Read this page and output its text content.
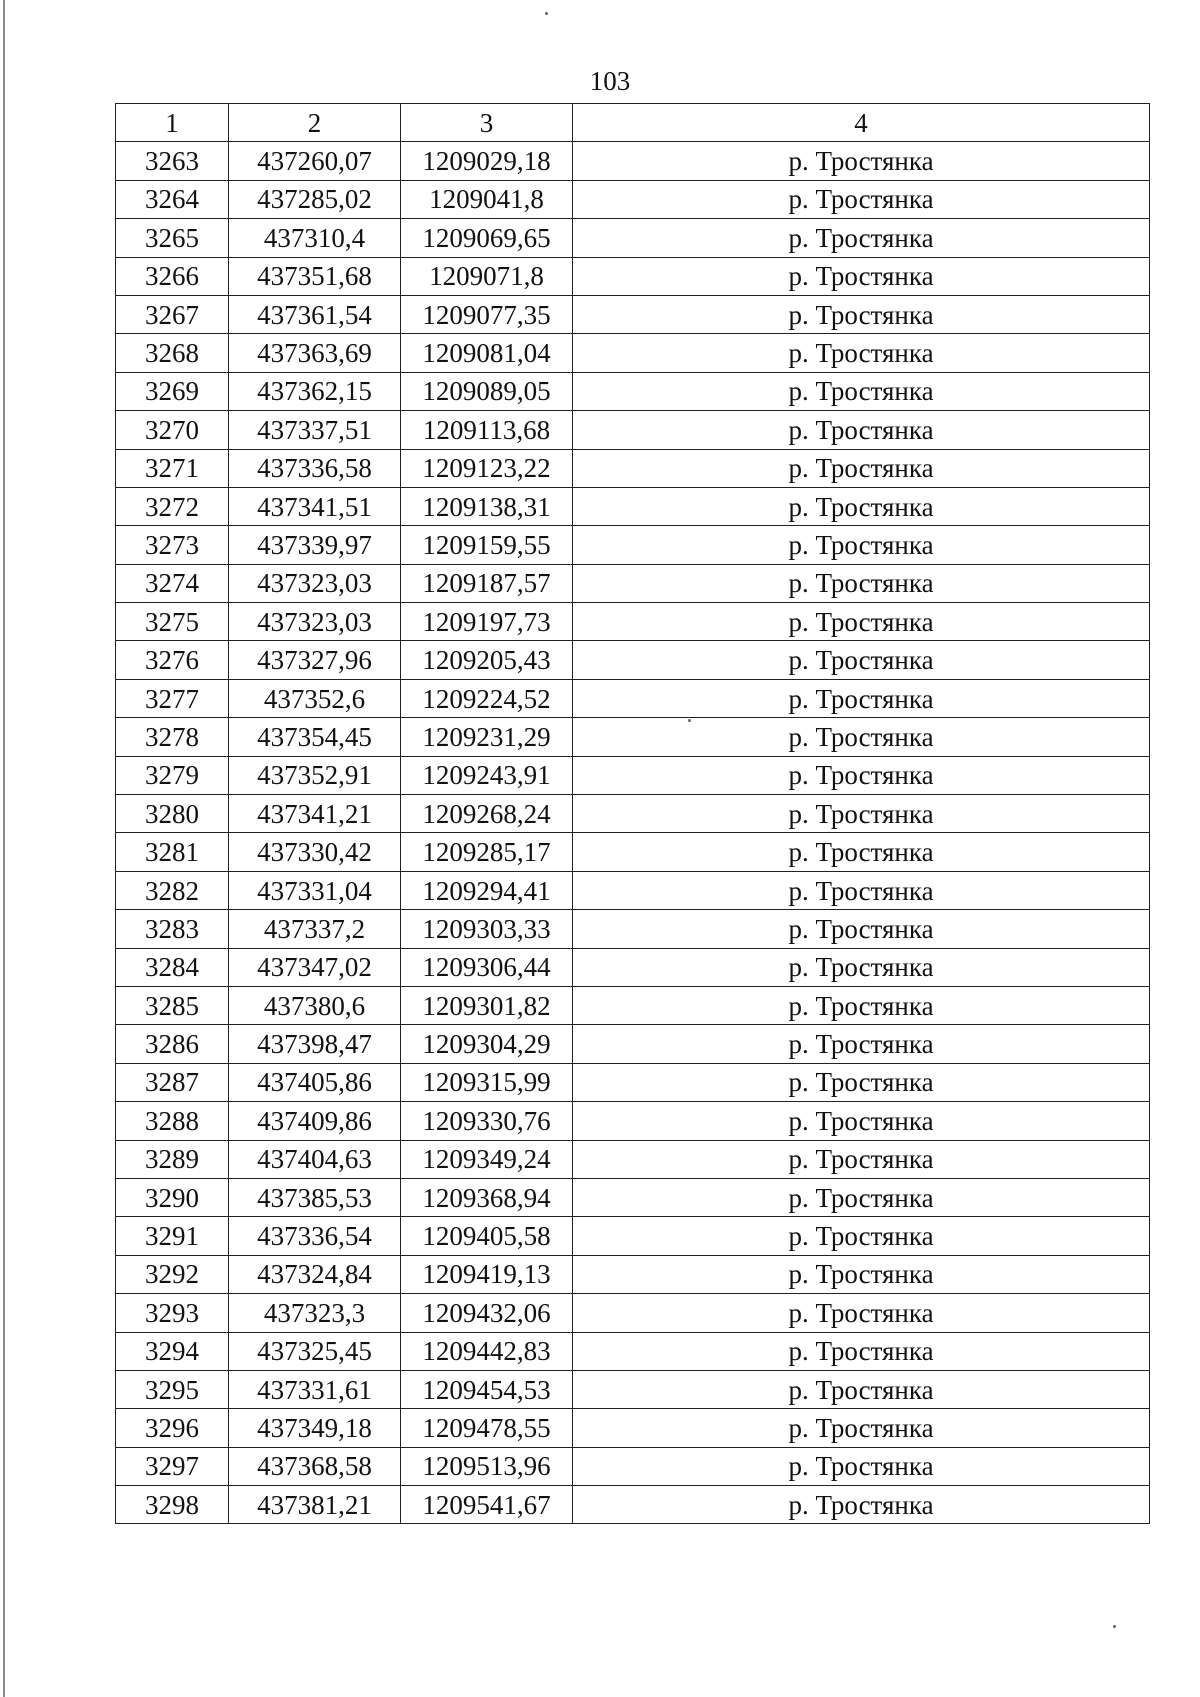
103
1	2	3	4
3263	437260,07	1209029,18	р. Тростянка
3264	437285,02	1209041,8	р. Тростянка
3265	437310,4	1209069,65	р. Тростянка
3266	437351,68	1209071,8	р. Тростянка
3267	437361,54	1209077,35	р. Тростянка
3268	437363,69	1209081,04	р. Тростянка
3269	437362,15	1209089,05	р. Тростянка
3270	437337,51	1209113,68	р. Тростянка
3271	437336,58	1209123,22	р. Тростянка
3272	437341,51	1209138,31	р. Тростянка
3273	437339,97	1209159,55	р. Тростянка
3274	437323,03	1209187,57	р. Тростянка
3275	437323,03	1209197,73	р. Тростянка
3276	437327,96	1209205,43	р. Тростянка
3277	437352,6	1209224,52	р. Тростянка
3278	437354,45	1209231,29	р. Тростянка
3279	437352,91	1209243,91	р. Тростянка
3280	437341,21	1209268,24	р. Тростянка
3281	437330,42	1209285,17	р. Тростянка
3282	437331,04	1209294,41	р. Тростянка
3283	437337,2	1209303,33	р. Тростянка
3284	437347,02	1209306,44	р. Тростянка
3285	437380,6	1209301,82	р. Тростянка
3286	437398,47	1209304,29	р. Тростянка
3287	437405,86	1209315,99	р. Тростянка
3288	437409,86	1209330,76	р. Тростянка
3289	437404,63	1209349,24	р. Тростянка
3290	437385,53	1209368,94	р. Тростянка
3291	437336,54	1209405,58	р. Тростянка
3292	437324,84	1209419,13	р. Тростянка
3293	437323,3	1209432,06	р. Тростянка
3294	437325,45	1209442,83	р. Тростянка
3295	437331,61	1209454,53	р. Тростянка
3296	437349,18	1209478,55	р. Тростянка
3297	437368,58	1209513,96	р. Тростянка
3298	437381,21	1209541,67	р. Тростянка
